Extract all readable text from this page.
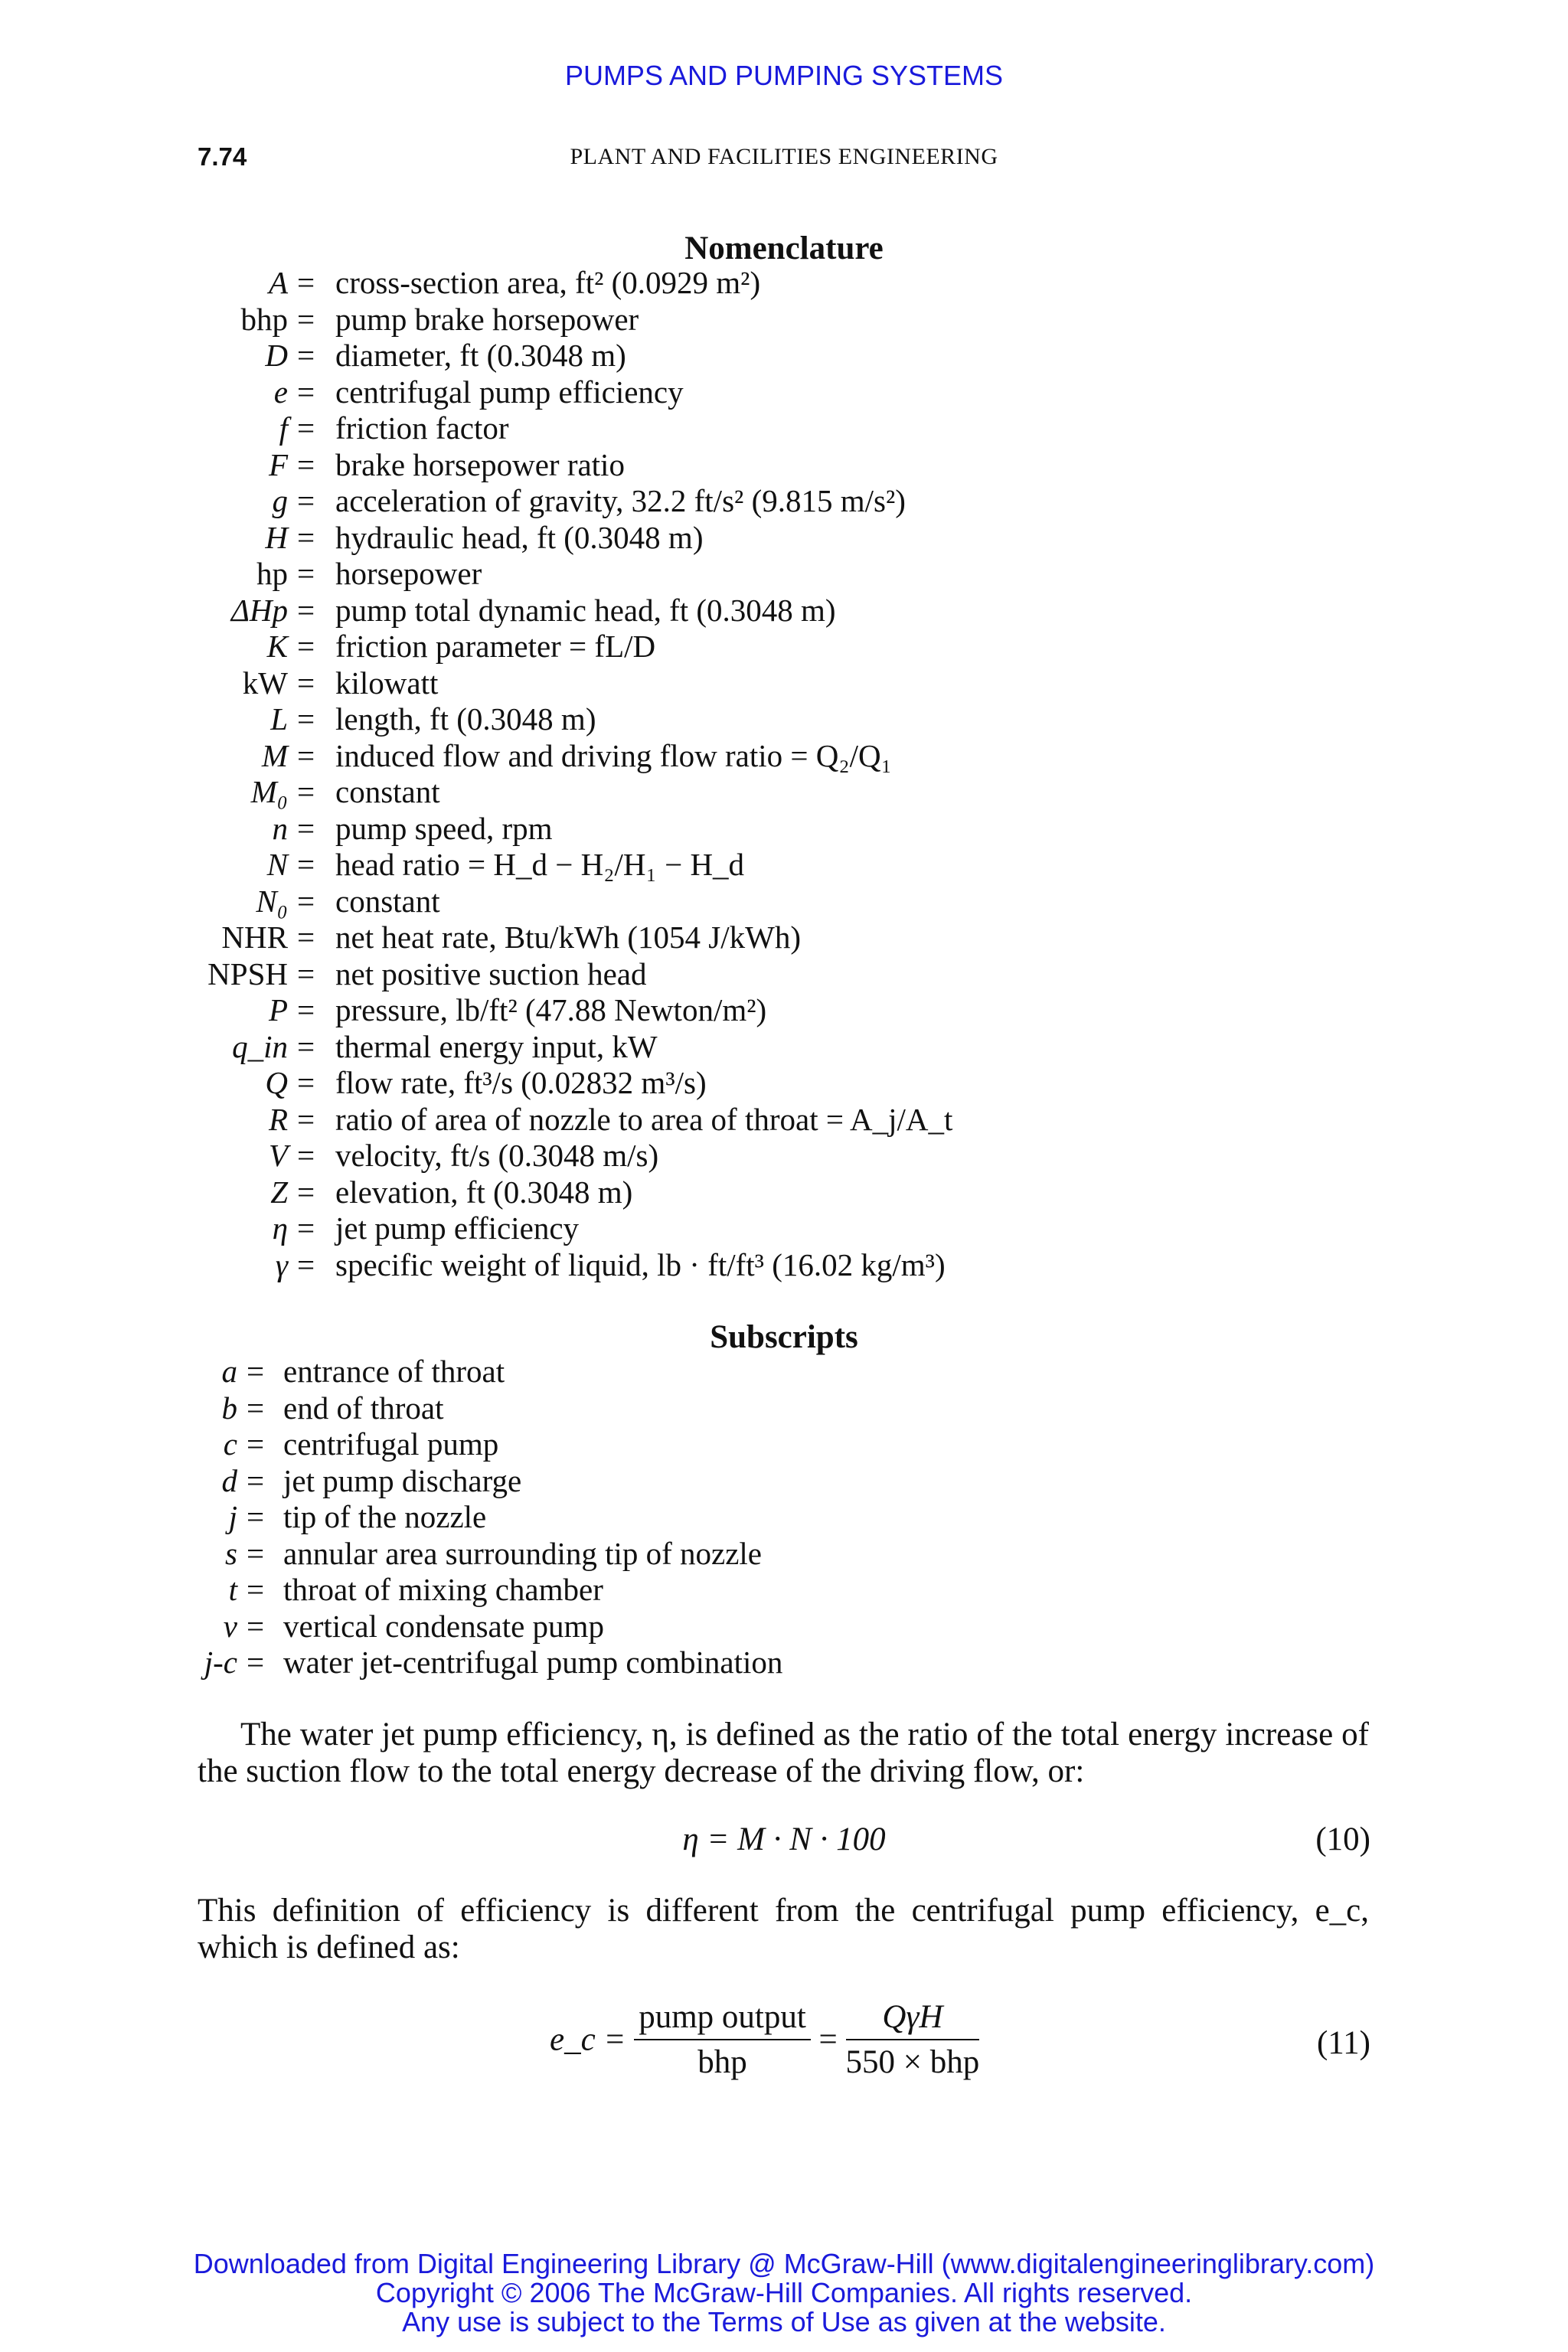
PUMPS AND PUMPING SYSTEMS
7.74	PLANT AND FACILITIES ENGINEERING
Nomenclature
A = cross-section area, ft² (0.0929 m²)
bhp = pump brake horsepower
D = diameter, ft (0.3048 m)
e = centrifugal pump efficiency
f = friction factor
F = brake horsepower ratio
g = acceleration of gravity, 32.2 ft/s² (9.815 m/s²)
H = hydraulic head, ft (0.3048 m)
hp = horsepower
ΔHp = pump total dynamic head, ft (0.3048 m)
K = friction parameter = fL/D
kW = kilowatt
L = length, ft (0.3048 m)
M = induced flow and driving flow ratio = Q₂/Q₁
M₀ = constant
n = pump speed, rpm
N = head ratio = H_d − H₂/H₁ − H_d
N₀ = constant
NHR = net heat rate, Btu/kWh (1054 J/kWh)
NPSH = net positive suction head
P = pressure, lb/ft² (47.88 Newton/m²)
q_in = thermal energy input, kW
Q = flow rate, ft³/s (0.02832 m³/s)
R = ratio of area of nozzle to area of throat = A_j/A_t
V = velocity, ft/s (0.3048 m/s)
Z = elevation, ft (0.3048 m)
η = jet pump efficiency
γ = specific weight of liquid, lb · ft/ft³ (16.02 kg/m³)
Subscripts
a = entrance of throat
b = end of throat
c = centrifugal pump
d = jet pump discharge
j = tip of the nozzle
s = annular area surrounding tip of nozzle
t = throat of mixing chamber
v = vertical condensate pump
j-c = water jet-centrifugal pump combination
The water jet pump efficiency, η, is defined as the ratio of the total energy increase of the suction flow to the total energy decrease of the driving flow, or:
η = M · N · 100	(10)
This definition of efficiency is different from the centrifugal pump efficiency, e_c, which is defined as:
e_c = $\frac{\text{pump output}}{\text{bhp}} = \frac{\text{QγH}}{\text{550 × bhp}}$	(11)
Downloaded from Digital Engineering Library @ McGraw-Hill (www.digitalengineeringlibrary.com)
Copyright © 2006 The McGraw-Hill Companies. All rights reserved.
Any use is subject to the Terms of Use as given at the website.
